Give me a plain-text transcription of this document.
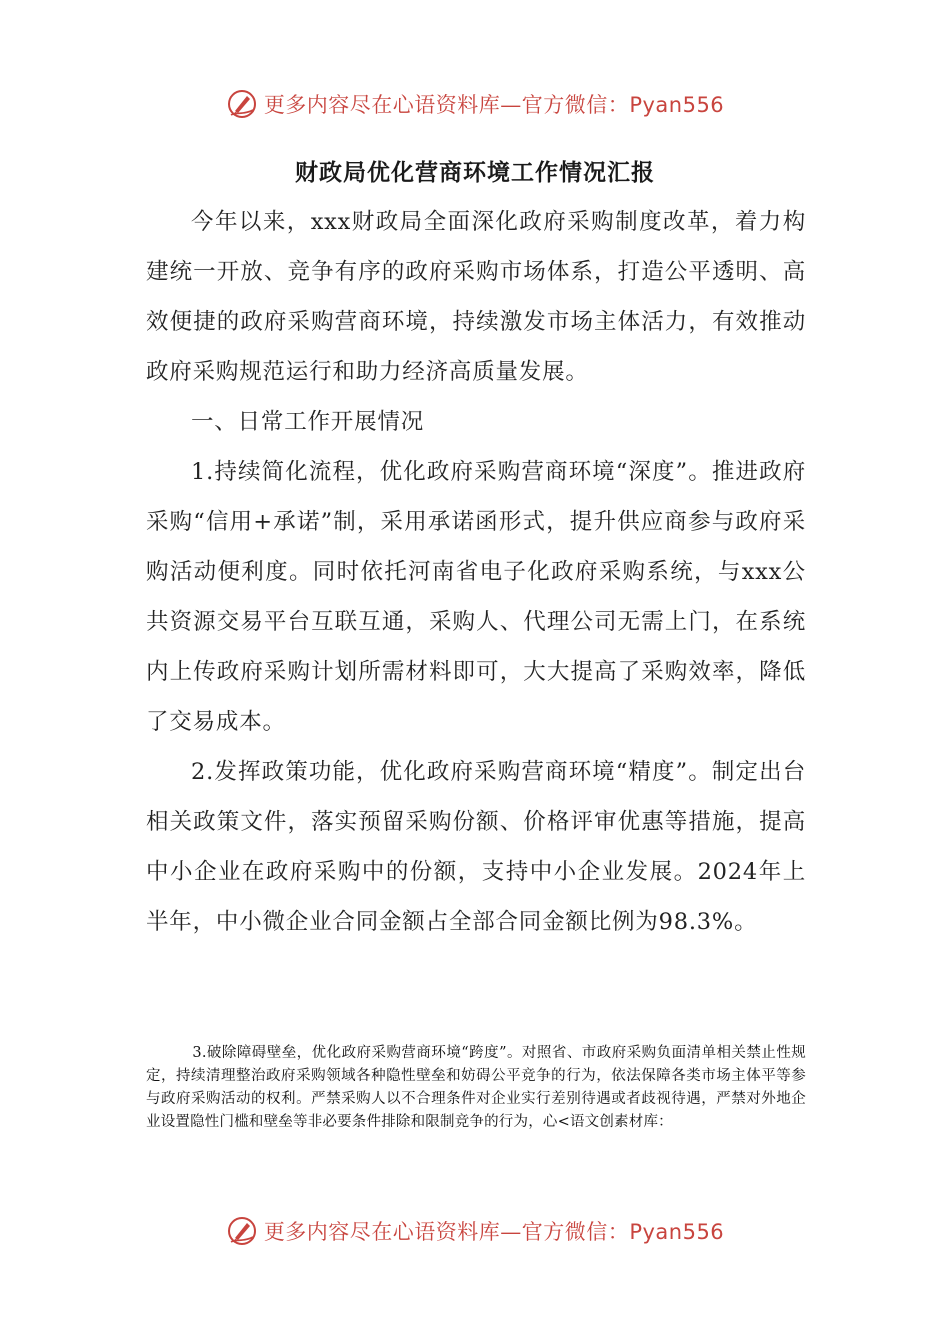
更多内容尽在心语资料库—官方微信：Pyan556
财政局优化营商环境工作情况汇报

今年以来，xxx财政局全面深化政府采购制度改革，着力构建统一开放、竞争有序的政府采购市场体系，打造公平透明、高效便捷的政府采购营商环境，持续激发市场主体活力，有效推动政府采购规范运行和助力经济高质量发展。

一、日常工作开展情况

1.持续简化流程，优化政府采购营商环境“深度”。推进政府采购“信用+承诺”制，采用承诺函形式，提升供应商参与政府采购活动便利度。同时依托河南省电子化政府采购系统，与xxx公共资源交易平台互联互通，采购人、代理公司无需上门，在系统内上传政府采购计划所需材料即可，大大提高了采购效率，降低了交易成本。

2.发挥政策功能，优化政府采购营商环境“精度”。制定出台相关政策文件，落实预留采购份额、价格评审优惠等措施，提高中小企业在政府采购中的份额，支持中小企业发展。2024年上半年，中小微企业合同金额占全部合同金额比例为98.3%。

3.破除障碍壁垒，优化政府采购营商环境“跨度”。对照省、市政府采购负面清单相关禁止性规定，持续清理整治政府采购领域各种隐性壁垒和妨碍公平竞争的行为，依法保障各类市场主体平等参与政府采购活动的权利。严禁采购人以不合理条件对企业实行差别待遇或者歧视待遇，严禁对外地企业设置隐性门槛和壁垒等非必要条件排除和限制竞争的行为，心<语文创素材库：

更多内容尽在心语资料库—官方微信：Pyan556
